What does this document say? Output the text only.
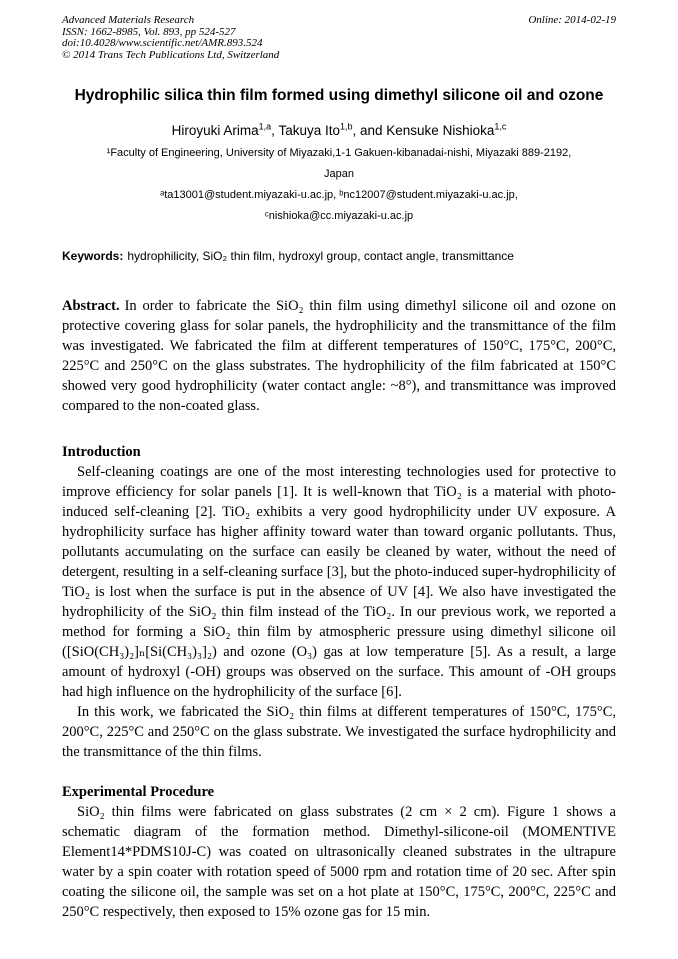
Advanced Materials Research
ISSN: 1662-8985, Vol. 893, pp 524-527
doi:10.4028/www.scientific.net/AMR.893.524
© 2014 Trans Tech Publications Ltd, Switzerland
Online: 2014-02-19
Hydrophilic silica thin film formed using dimethyl silicone oil and ozone
Hiroyuki Arima$^{1,a}$, Takuya Ito$^{1,b}$, and Kensuke Nishioka$^{1,c}$
¹Faculty of Engineering, University of Miyazaki,1-1 Gakuen-kibanadai-nishi, Miyazaki 889-2192,
Japan
ᵃta13001@student.miyazaki-u.ac.jp, ᵇnc12007@student.miyazaki-u.ac.jp,
ᶜnishioka@cc.miyazaki-u.ac.jp

Keywords: hydrophilicity, SiO₂ thin film, hydroxyl group, contact angle, transmittance

Abstract. In order to fabricate the SiO₂ thin film using dimethyl silicone oil and ozone on protective covering glass for solar panels, the hydrophilicity and the transmittance of the film was investigated. We fabricated the film at different temperatures of 150°C, 175°C, 200°C, 225°C and 250°C on the glass substrates. The hydrophilicity of the film fabricated at 150°C showed very good hydrophilicity (water contact angle: ~8°), and transmittance was improved compared to the non-coated glass.

Introduction

Self-cleaning coatings are one of the most interesting technologies used for protective to improve efficiency for solar panels [1]. It is well-known that TiO₂ is a material with photo-induced self-cleaning [2]. TiO₂ exhibits a very good hydrophilicity under UV exposure. A hydrophilicity surface has higher affinity toward water than toward organic pollutants. Thus, pollutants accumulating on the surface can easily be cleaned by water, without the need of detergent, resulting in a self-cleaning surface [3], but the photo-induced super-hydrophilicity of TiO₂ is lost when the surface is put in the absence of UV [4]. We also have investigated the hydrophilicity of the SiO₂ thin film instead of the TiO₂. In our previous work, we reported a method for forming a SiO₂ thin film by atmospheric pressure using dimethyl silicone oil ([SiO(CH₃)₂]ₙ[Si(CH₃)₃]₂) and ozone (O₃) gas at low temperature [5]. As a result, a large amount of hydroxyl (-OH) groups was observed on the surface. This amount of -OH groups had high influence on the hydrophilicity of the surface [6].

In this work, we fabricated the SiO₂ thin films at different temperatures of 150°C, 175°C, 200°C, 225°C and 250°C on the glass substrate. We investigated the surface hydrophilicity and the transmittance of the thin films.

Experimental Procedure

SiO₂ thin films were fabricated on glass substrates (2 cm × 2 cm). Figure 1 shows a schematic diagram of the formation method. Dimethyl-silicone-oil (MOMENTIVE Element14*PDMS10J-C) was coated on ultrasonically cleaned substrates in the ultrapure water by a spin coater with rotation speed of 5000 rpm and rotation time of 20 sec. After spin coating the silicone oil, the sample was set on a hot plate at 150°C, 175°C, 200°C, 225°C and 250°C respectively, then exposed to 15% ozone gas for 15 min.
